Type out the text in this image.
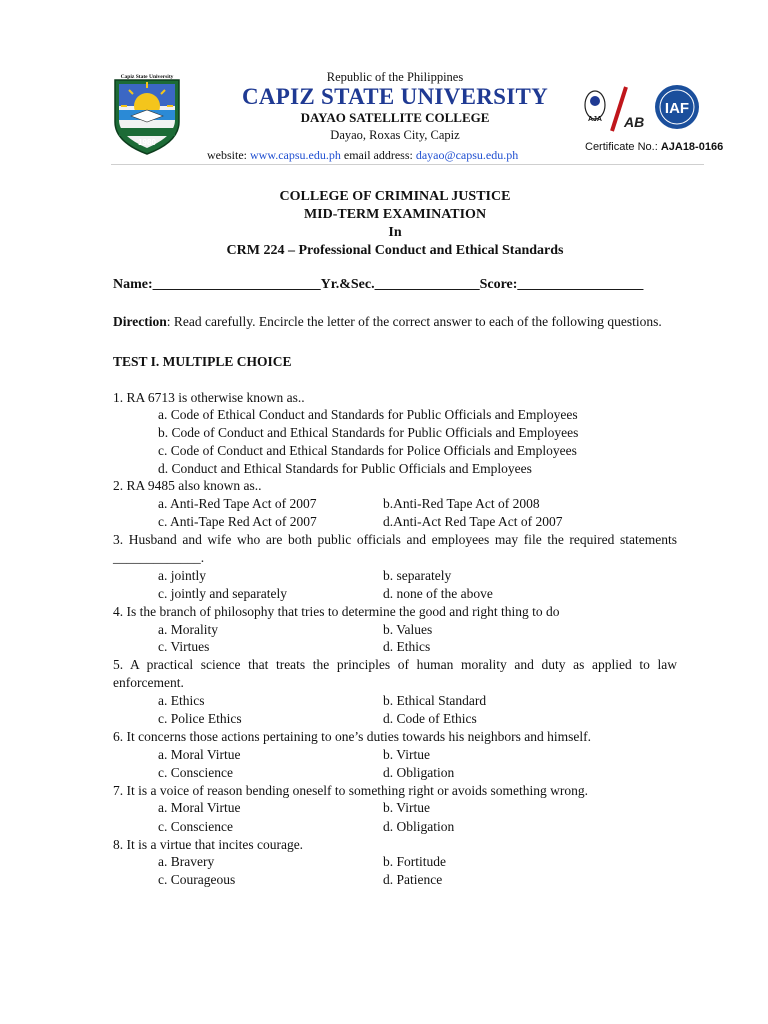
1980
Capiz State University	Republic of the Philippines
CAPIZ STATE UNIVERSITY
DAYAO SATELLITE COLLEGE
Dayao, Roxas City, Capiz
website: www.capsu.edu.ph email address: dayao@capsu.edu.ph
AJA AB
IAF
Certificate No.: AJA18-0166
COLLEGE OF CRIMINAL JUSTICE
MID-TERM EXAMINATION
In
CRM 224 – Professional Conduct and Ethical Standards
Name:________________________Yr.&Sec._______________Score:__________________
Direction: Read carefully. Encircle the letter of the correct answer to each of the following questions.
TEST I. MULTIPLE CHOICE
1. RA 6713 is otherwise known as..
a. Code of Ethical Conduct and Standards for Public Officials and Employees
b. Code of Conduct and Ethical Standards for Public Officials and Employees
c. Code of Conduct and Ethical Standards for Police Officials and Employees
d. Conduct and Ethical Standards for Public Officials and Employees
2. RA 9485 also known as..
a. Anti-Red Tape Act of 2007	b.Anti-Red Tape Act of 2008
c. Anti-Tape Red Act of 2007	d.Anti-Act Red Tape Act of 2007
3. Husband and wife who are both public officials and employees may file the required statements _____________.
a. jointly	b. separately
c. jointly and separately	d. none of the above
4. Is the branch of philosophy that tries to determine the good and right thing to do
a. Morality	b. Values
c. Virtues	d. Ethics
5. A practical science that treats the principles of human morality and duty as applied to law enforcement.
a. Ethics	b. Ethical Standard
c. Police Ethics	d. Code of Ethics
6. It concerns those actions pertaining to one’s duties towards his neighbors and himself.
a. Moral Virtue	b. Virtue
c. Conscience	d. Obligation
7. It is a voice of reason bending oneself to something right or avoids something wrong.
a. Moral Virtue	b. Virtue
c. Conscience	d. Obligation
8. It is a virtue that incites courage.
a. Bravery	b. Fortitude
c. Courageous	d. Patience
